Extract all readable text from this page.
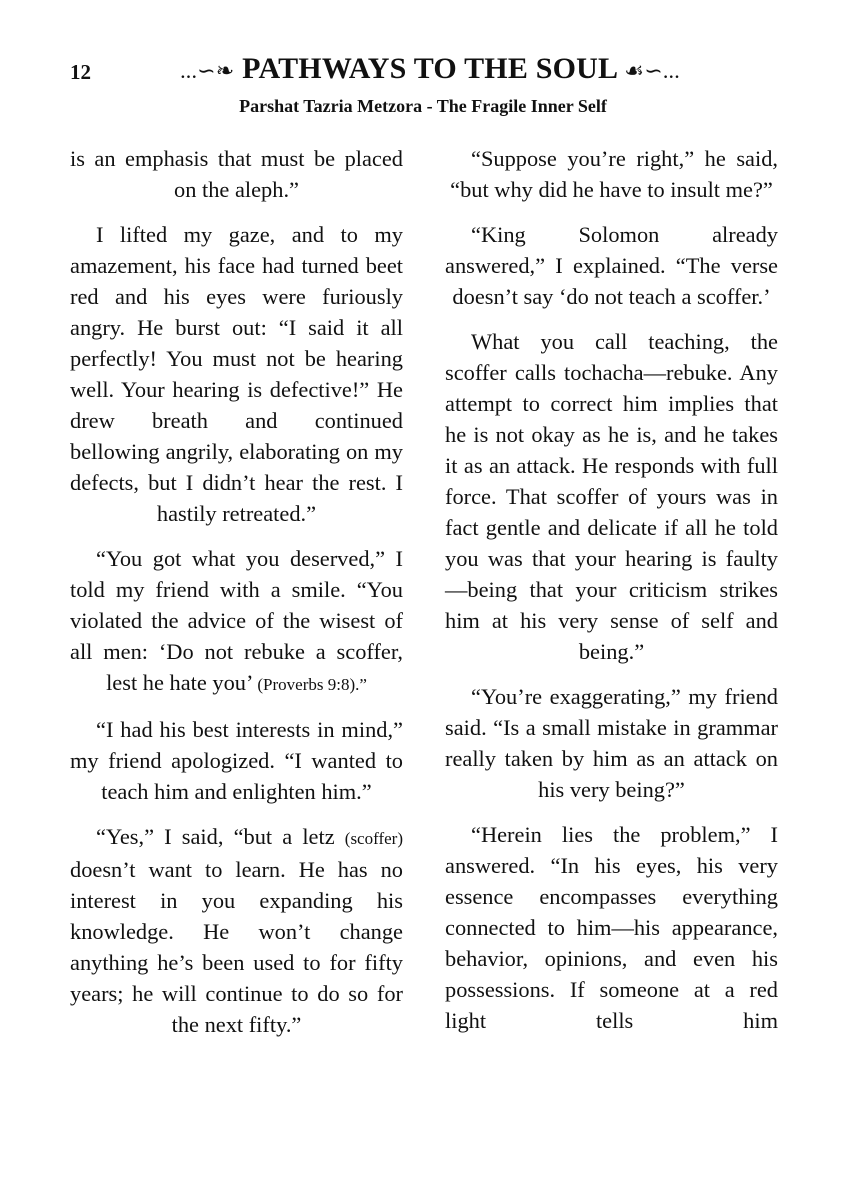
12	...∽❧ PATHWAYS TO THE SOUL ☙∽...
Parshat Tazria Metzora - The Fragile Inner Self

is an emphasis that must be placed on the aleph.”

I lifted my gaze, and to my amazement, his face had turned beet red and his eyes were furiously angry. He burst out: “I said it all perfectly! You must not be hearing well. Your hearing is defective!” He drew breath and continued bellowing angrily, elaborating on my defects, but I didn’t hear the rest. I hastily retreated.”

“You got what you deserved,” I told my friend with a smile. “You violated the advice of the wisest of all men: ‘Do not rebuke a scoffer, lest he hate you’ (Proverbs 9:8).”

“I had his best interests in mind,” my friend apologized. “I wanted to teach him and enlighten him.”

“Yes,” I said, “but a letz (scoffer) doesn’t want to learn. He has no interest in you expanding his knowledge. He won’t change anything he’s been used to for fifty years; he will continue to do so for the next fifty.”

“Suppose you’re right,” he said, “but why did he have to insult me?”

“King Solomon already answered,” I explained. “The verse doesn’t say ‘do not teach a scoffer.’

What you call teaching, the scoffer calls tochacha—rebuke. Any attempt to correct him implies that he is not okay as he is, and he takes it as an attack. He responds with full force. That scoffer of yours was in fact gentle and delicate if all he told you was that your hearing is faulty—being that your criticism strikes him at his very sense of self and being.”

“You’re exaggerating,” my friend said. “Is a small mistake in grammar really taken by him as an attack on his very being?”

“Herein lies the problem,” I answered. “In his eyes, his very essence encompasses everything connected to him—his appearance, behavior, opinions, and even his possessions. If someone at a red light tells him
